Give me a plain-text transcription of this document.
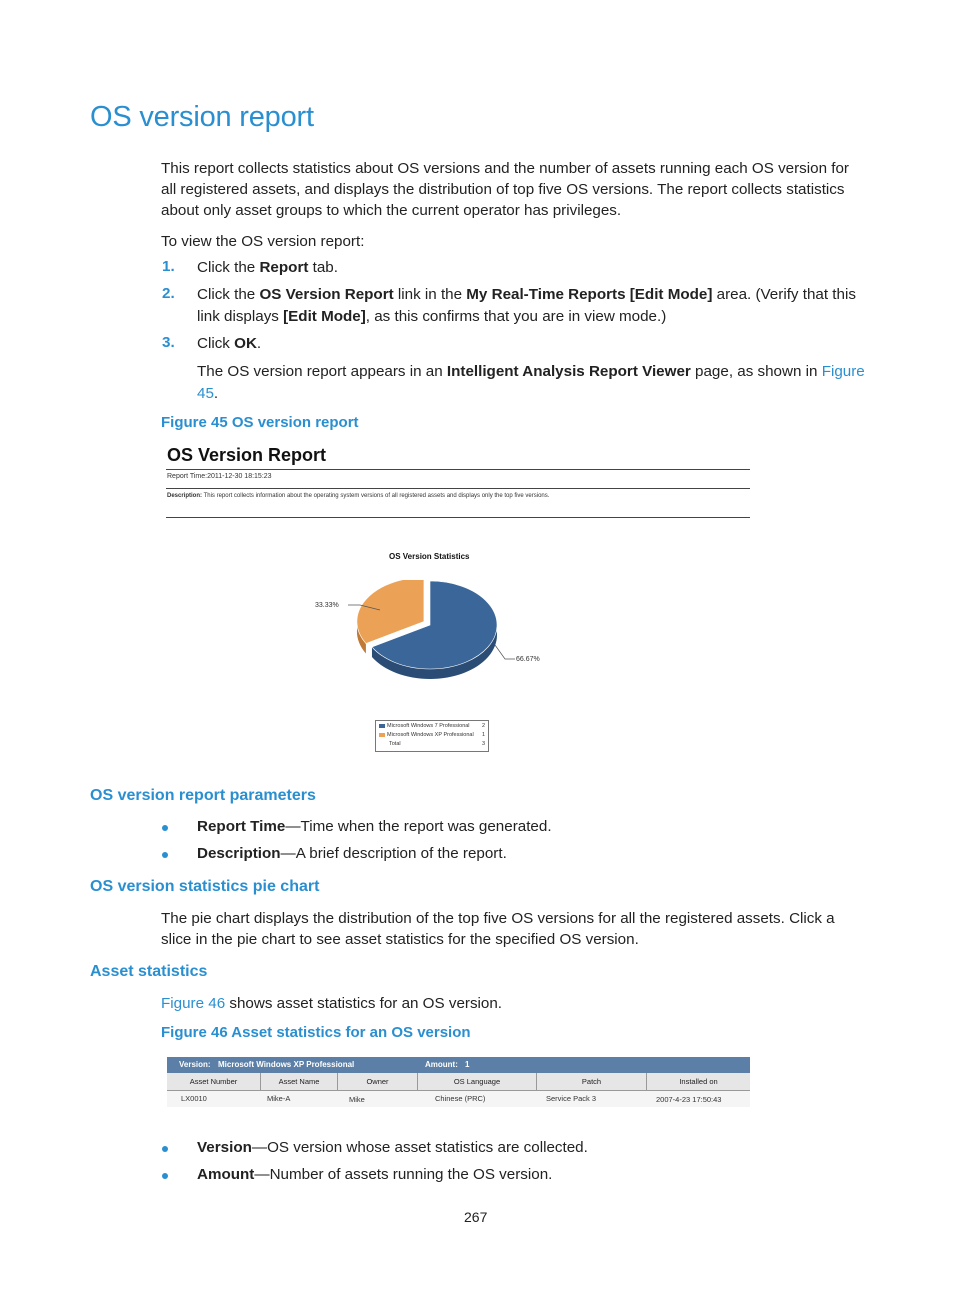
OS version report
This report collects statistics about OS versions and the number of assets running each OS version for all registered assets, and displays the distribution of top five OS versions. The report collects statistics about only asset groups to which the current operator has privileges.
To view the OS version report:
1. Click the Report tab.
2. Click the OS Version Report link in the My Real-Time Reports [Edit Mode] area. (Verify that this link displays [Edit Mode], as this confirms that you are in view mode.)
3. Click OK.
The OS version report appears in an Intelligent Analysis Report Viewer page, as shown in Figure 45.
Figure 45 OS version report
OS Version Report
Report Time:2011-12-30 18:15:23
Description: This report collects information about the operating system versions of all registered assets and displays only the top five versions.
OS Version Statistics
33.33%
66.67%
Microsoft Windows 7 Professional 2
Microsoft Windows XP Professional 1
Total	3
OS version report parameters
Report Time—Time when the report was generated.
Description—A brief description of the report.
OS version statistics pie chart
The pie chart displays the distribution of the top five OS versions for all the registered assets. Click a slice in the pie chart to see asset statistics for the specified OS version.
Asset statistics
Figure 46 shows asset statistics for an OS version.
Figure 46 Asset statistics for an OS version
Version: Microsoft Windows XP Professional	Amount: 1
Asset Number	Asset Name	Owner	OS Language	Patch	Installed on
LX0010	Mike-A	Mike	Chinese (PRC)	Service Pack 3	2007-4-23 17:50:43
Version—OS version whose asset statistics are collected.
Amount—Number of assets running the OS version.
267
